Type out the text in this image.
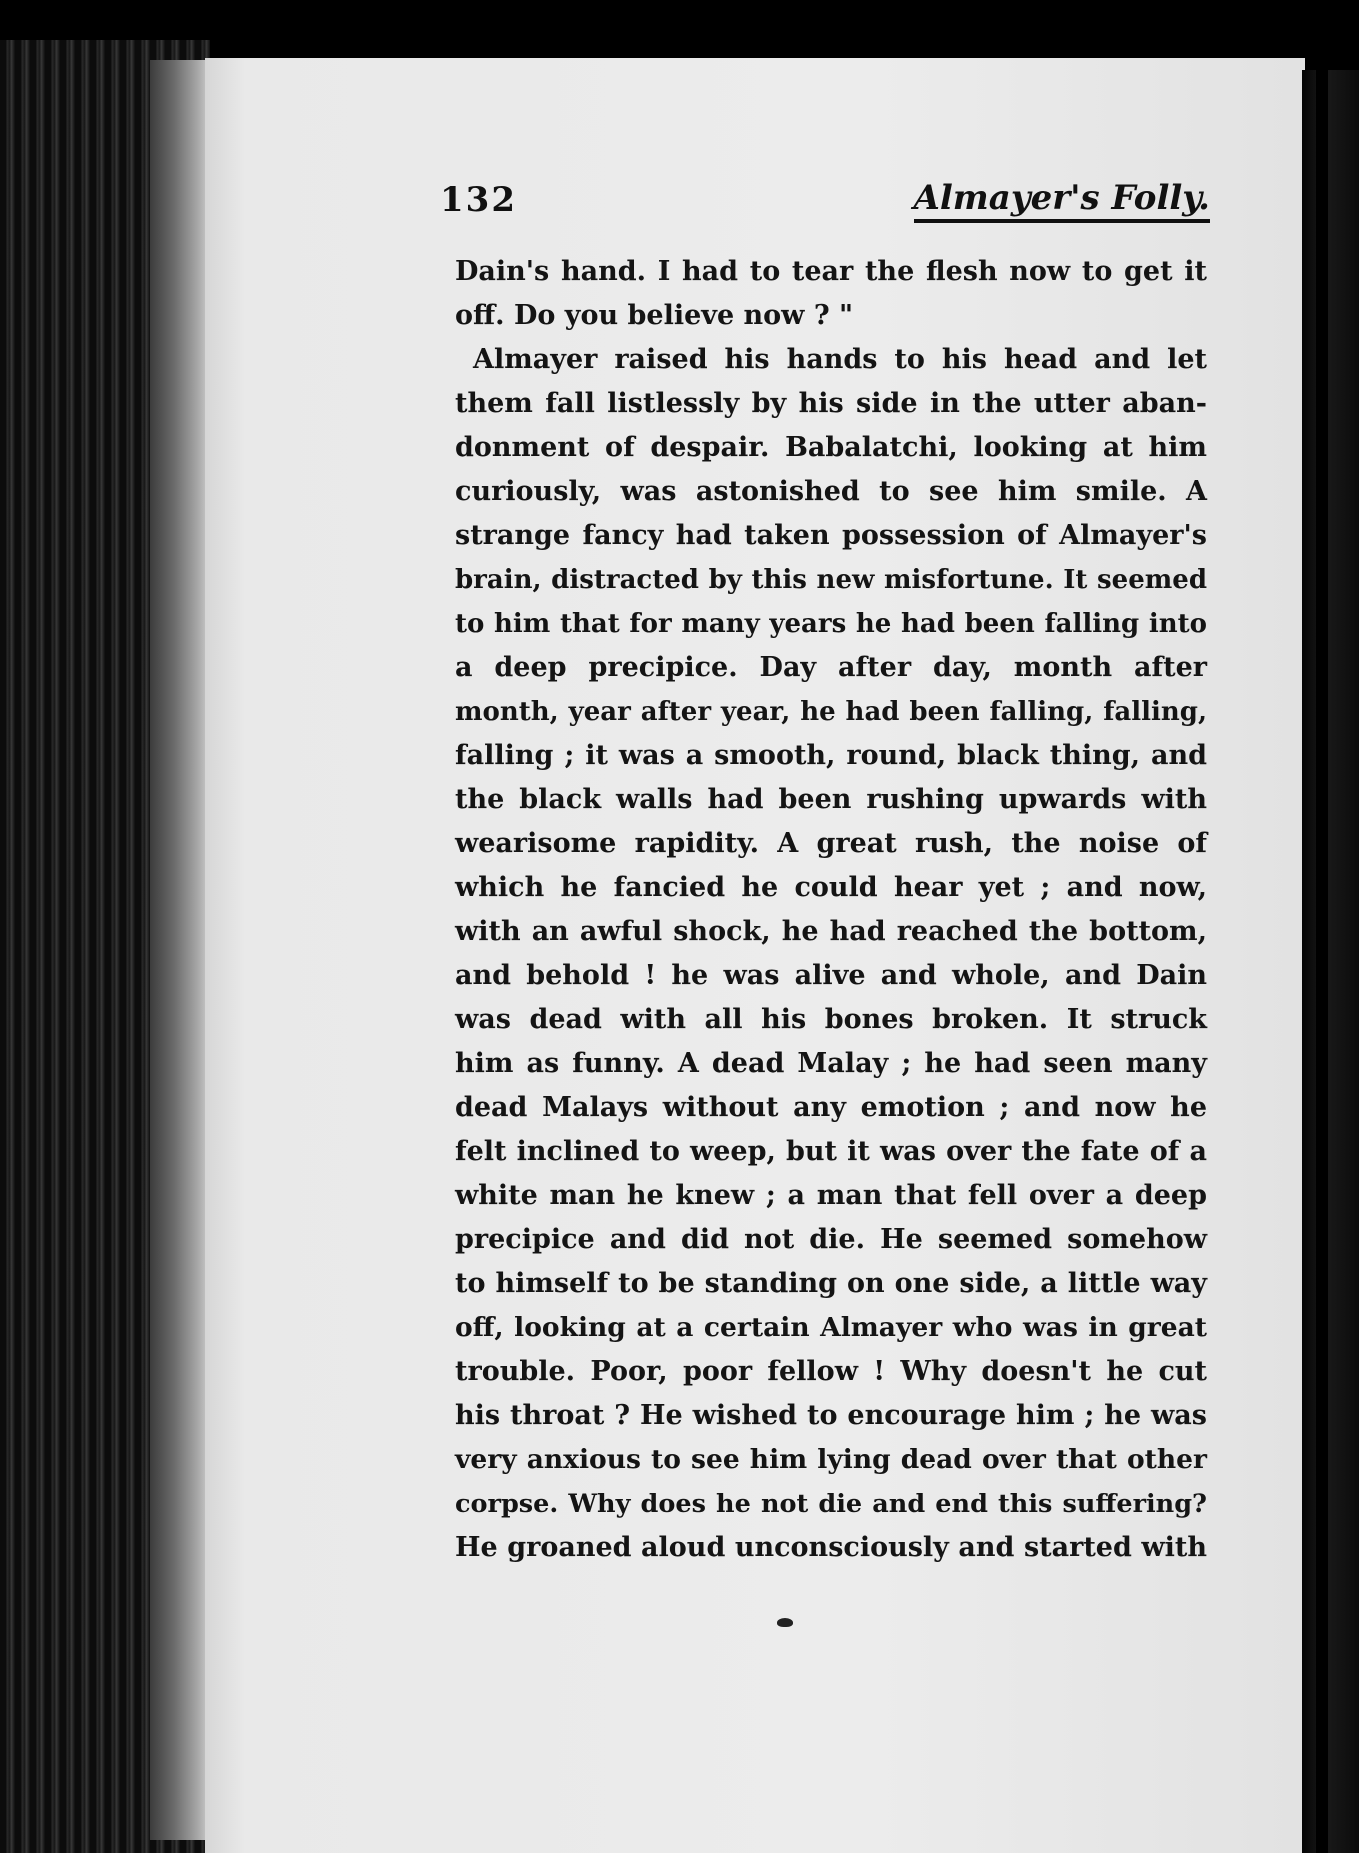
132	Almayer's Folly.
Dain's hand. I had to tear the flesh now to get it
off. Do you believe now ? "
Almayer raised his hands to his head and let
them fall listlessly by his side in the utter aban-
donment of despair. Babalatchi, looking at him
curiously, was astonished to see him smile. A
strange fancy had taken possession of Almayer's
brain, distracted by this new misfortune. It seemed
to him that for many years he had been falling into
a deep precipice. Day after day, month after
month, year after year, he had been falling, falling,
falling ; it was a smooth, round, black thing, and
the black walls had been rushing upwards with
wearisome rapidity. A great rush, the noise of
which he fancied he could hear yet ; and now,
with an awful shock, he had reached the bottom,
and behold ! he was alive and whole, and Dain
was dead with all his bones broken. It struck
him as funny. A dead Malay ; he had seen many
dead Malays without any emotion ; and now he
felt inclined to weep, but it was over the fate of a
white man he knew ; a man that fell over a deep
precipice and did not die. He seemed somehow
to himself to be standing on one side, a little way
off, looking at a certain Almayer who was in great
trouble. Poor, poor fellow ! Why doesn't he cut
his throat ? He wished to encourage him ; he was
very anxious to see him lying dead over that other
corpse. Why does he not die and end this suffering?
He groaned aloud unconsciously and started with
